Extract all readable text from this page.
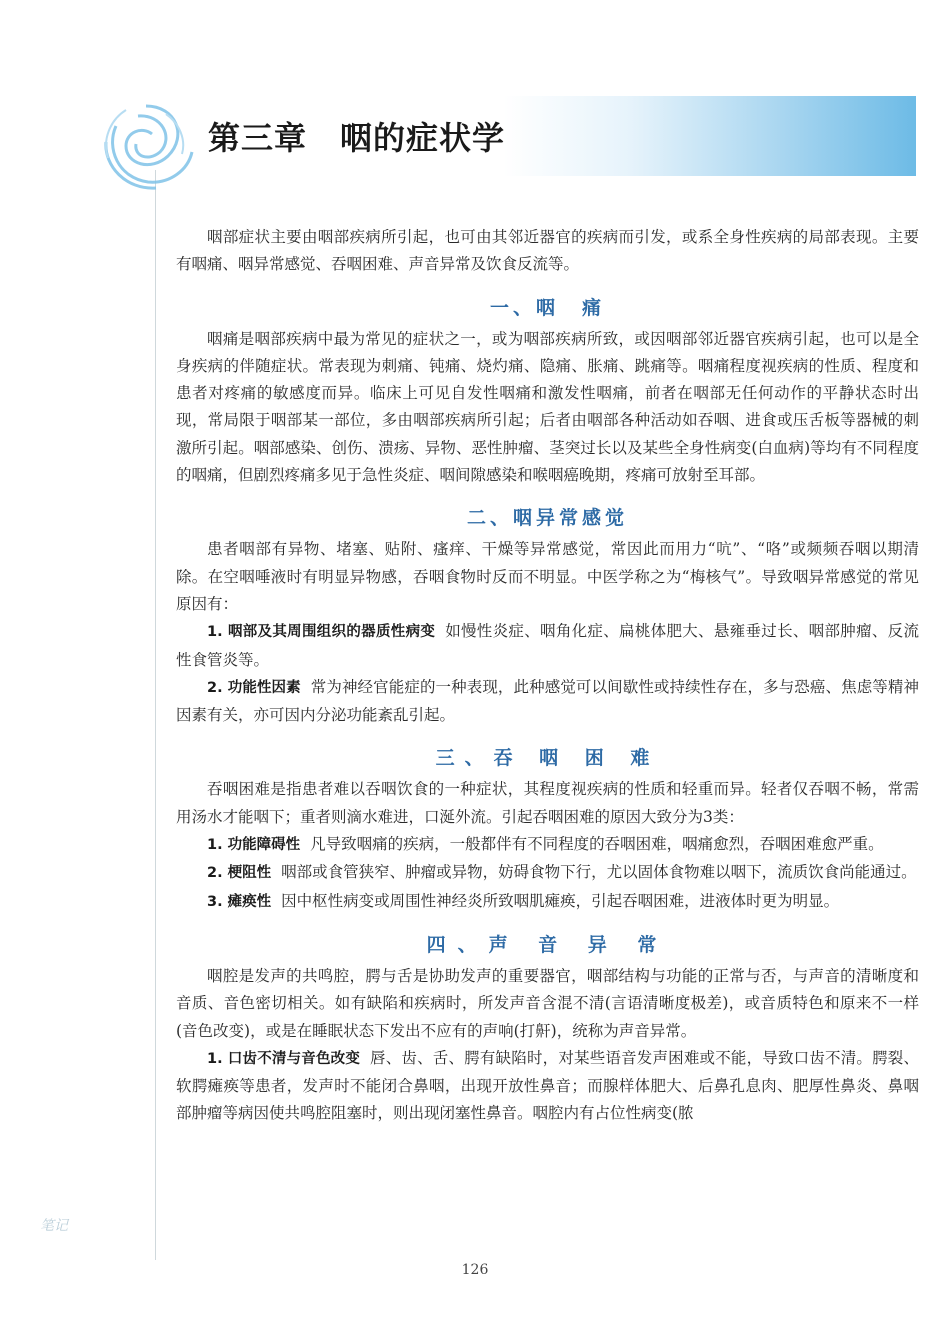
第三章　咽的症状学

咽部症状主要由咽部疾病所引起，也可由其邻近器官的疾病而引发，或系全身性疾病的局部表现。主要有咽痛、咽异常感觉、吞咽困难、声音异常及饮食反流等。

一、咽　痛

咽痛是咽部疾病中最为常见的症状之一，或为咽部疾病所致，或因咽部邻近器官疾病引起，也可以是全身疾病的伴随症状。常表现为刺痛、钝痛、烧灼痛、隐痛、胀痛、跳痛等。咽痛程度视疾病的性质、程度和患者对疼痛的敏感度而异。临床上可见自发性咽痛和激发性咽痛，前者在咽部无任何动作的平静状态时出现，常局限于咽部某一部位，多由咽部疾病所引起；后者由咽部各种活动如吞咽、进食或压舌板等器械的刺激所引起。咽部感染、创伤、溃疡、异物、恶性肿瘤、茎突过长以及某些全身性病变(白血病)等均有不同程度的咽痛，但剧烈疼痛多见于急性炎症、咽间隙感染和喉咽癌晚期，疼痛可放射至耳部。

二、咽异常感觉

患者咽部有异物、堵塞、贴附、瘙痒、干燥等异常感觉，常因此而用力“吭”、“咯”或频频吞咽以期清除。在空咽唾液时有明显异物感，吞咽食物时反而不明显。中医学称之为“梅核气”。导致咽异常感觉的常见原因有：

1. 咽部及其周围组织的器质性病变 如慢性炎症、咽角化症、扁桃体肥大、悬雍垂过长、咽部肿瘤、反流性食管炎等。

2. 功能性因素 常为神经官能症的一种表现，此种感觉可以间歇性或持续性存在，多与恐癌、焦虑等精神因素有关，亦可因内分泌功能紊乱引起。

三、吞 咽 困 难

吞咽困难是指患者难以吞咽饮食的一种症状，其程度视疾病的性质和轻重而异。轻者仅吞咽不畅，常需用汤水才能咽下；重者则滴水难进，口涎外流。引起吞咽困难的原因大致分为3类：

1. 功能障碍性 凡导致咽痛的疾病，一般都伴有不同程度的吞咽困难，咽痛愈烈，吞咽困难愈严重。

2. 梗阻性 咽部或食管狭窄、肿瘤或异物，妨碍食物下行，尤以固体食物难以咽下，流质饮食尚能通过。

3. 瘫痪性 因中枢性病变或周围性神经炎所致咽肌瘫痪，引起吞咽困难，进液体时更为明显。

四、声 音 异 常

咽腔是发声的共鸣腔，腭与舌是协助发声的重要器官，咽部结构与功能的正常与否，与声音的清晰度和音质、音色密切相关。如有缺陷和疾病时，所发声音含混不清(言语清晰度极差)，或音质特色和原来不一样(音色改变)，或是在睡眠状态下发出不应有的声响(打鼾)，统称为声音异常。

1. 口齿不清与音色改变 唇、齿、舌、腭有缺陷时，对某些语音发声困难或不能，导致口齿不清。腭裂、软腭瘫痪等患者，发声时不能闭合鼻咽，出现开放性鼻音；而腺样体肥大、后鼻孔息肉、肥厚性鼻炎、鼻咽部肿瘤等病因使共鸣腔阻塞时，则出现闭塞性鼻音。咽腔内有占位性病变(脓

笔记
126
